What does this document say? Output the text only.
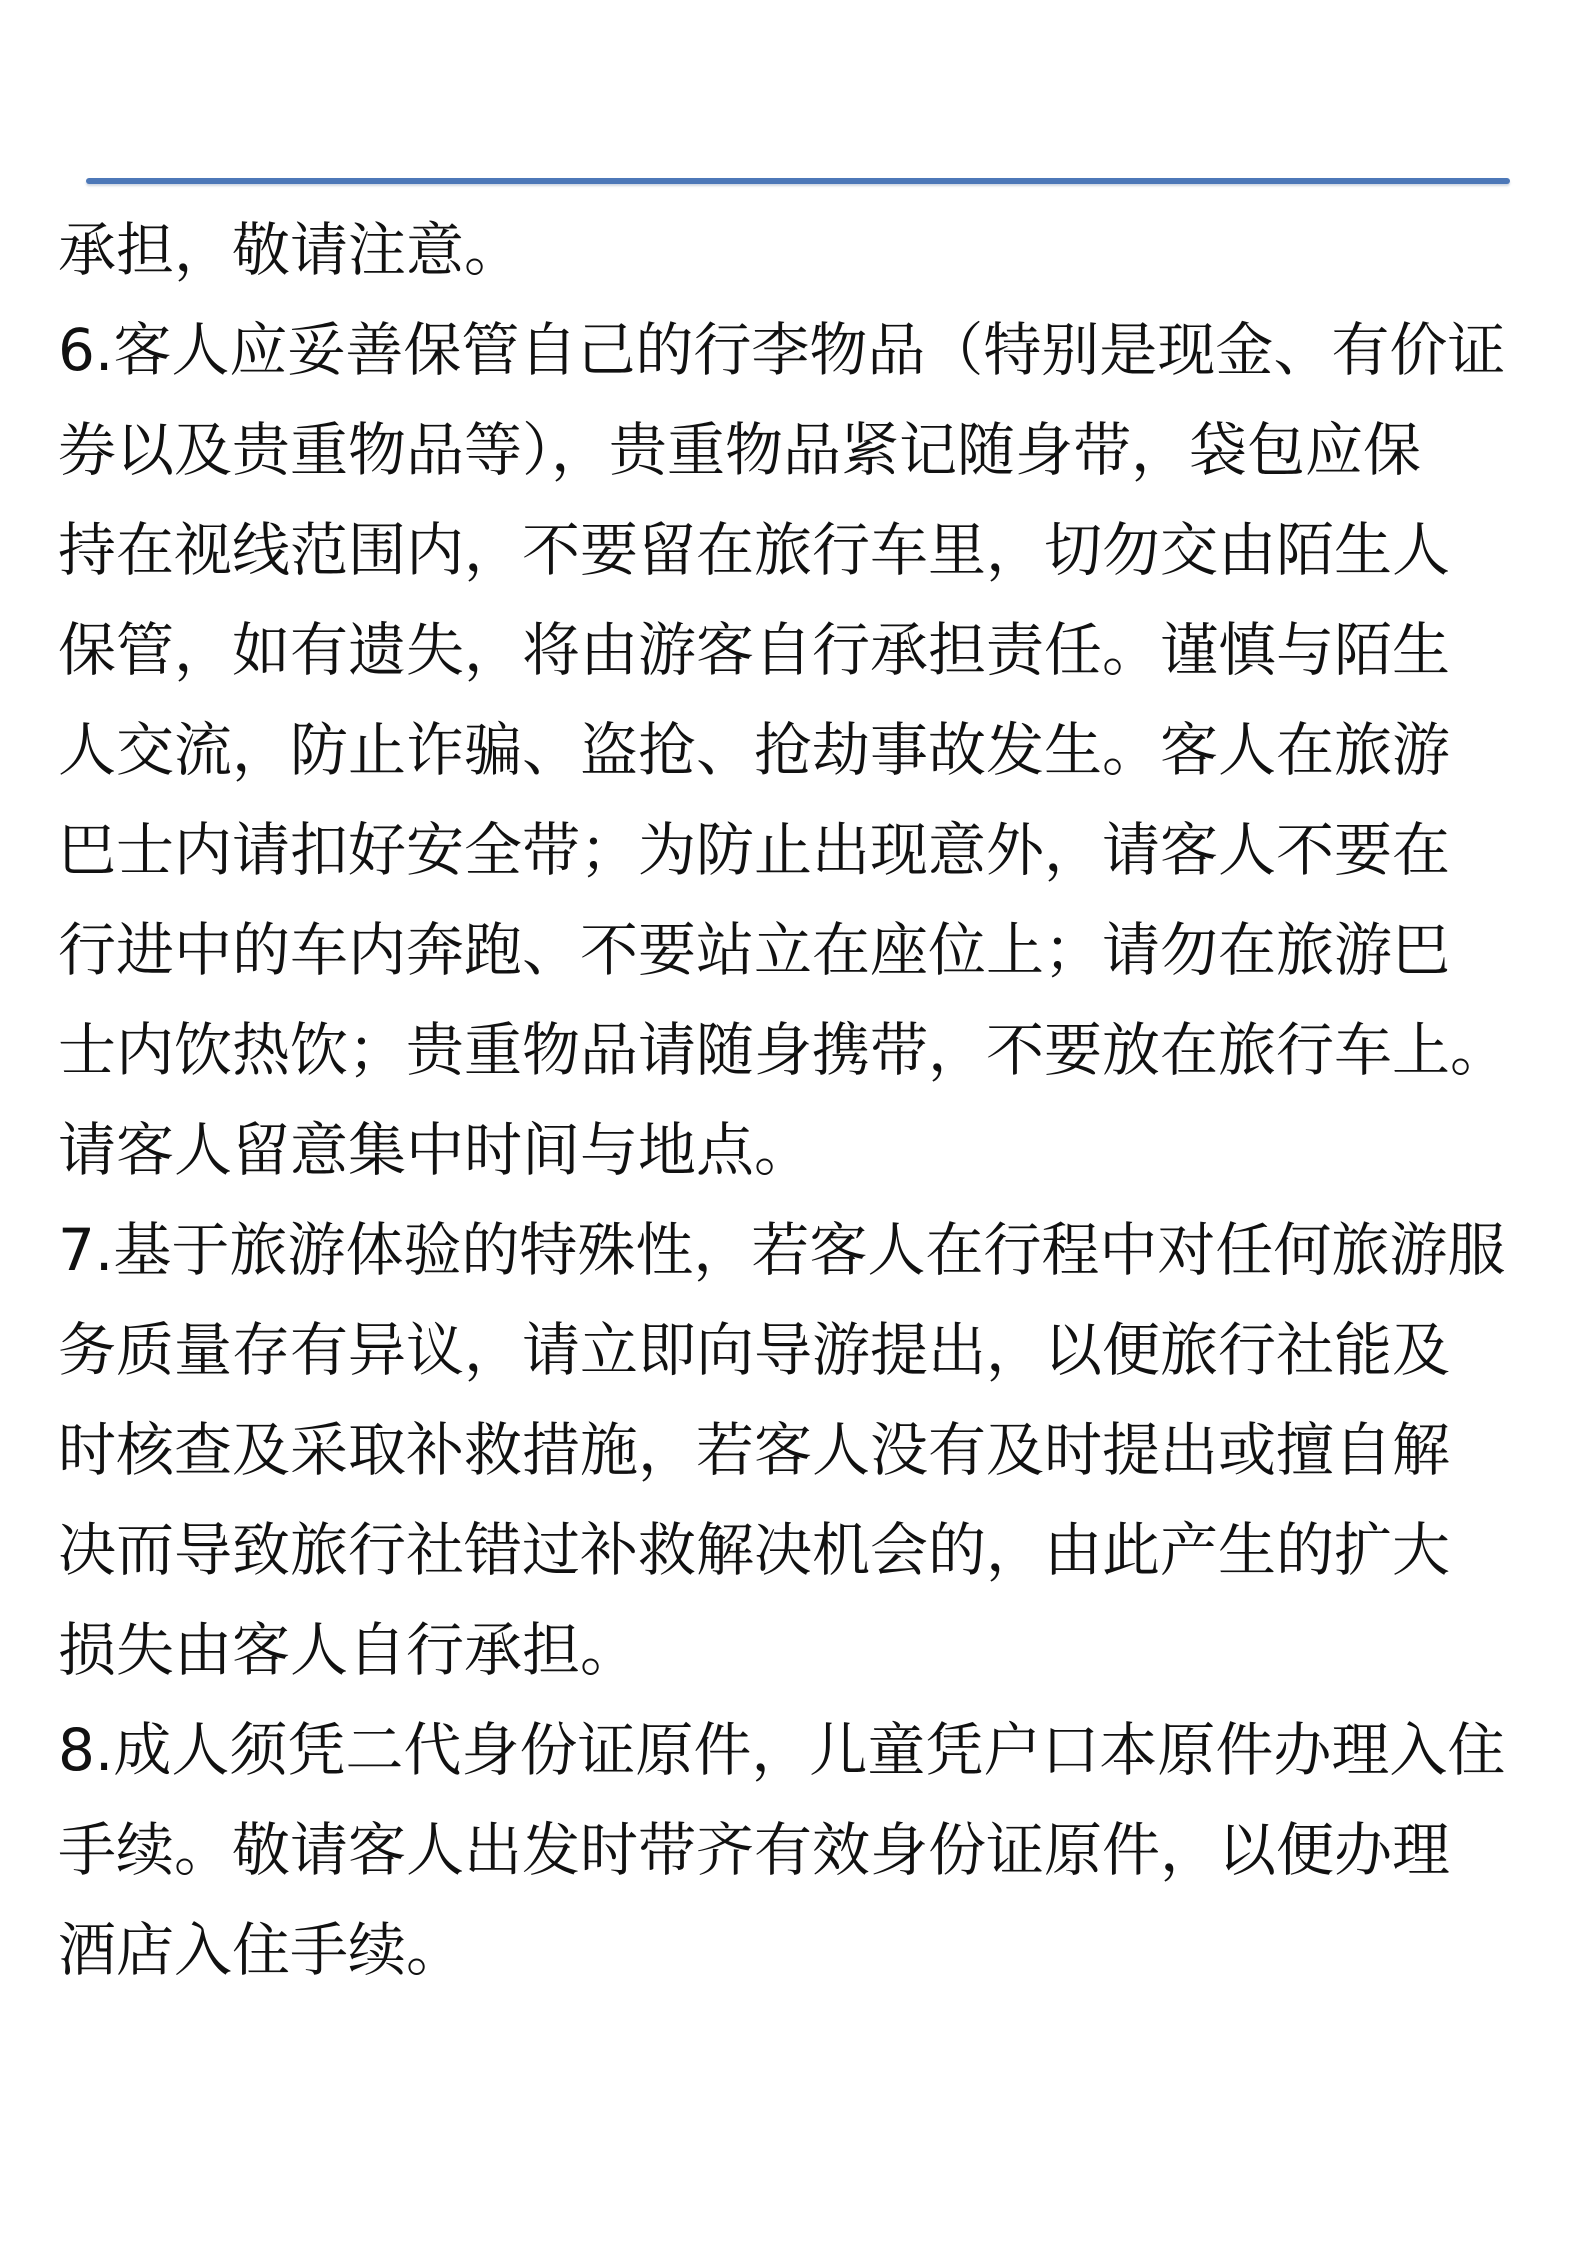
承担，敬请注意。
6.客人应妥善保管自己的行李物品（特别是现金、有价证
券以及贵重物品等），贵重物品紧记随身带，袋包应保
持在视线范围内，不要留在旅行车里，切勿交由陌生人
保管，如有遗失，将由游客自行承担责任。谨慎与陌生
人交流，防止诈骗、盗抢、抢劫事故发生。客人在旅游
巴士内请扣好安全带；为防止出现意外，请客人不要在
行进中的车内奔跑、不要站立在座位上；请勿在旅游巴
士内饮热饮；贵重物品请随身携带，不要放在旅行车上。
请客人留意集中时间与地点。
7.基于旅游体验的特殊性，若客人在行程中对任何旅游服
务质量存有异议，请立即向导游提出，以便旅行社能及
时核查及采取补救措施，若客人没有及时提出或擅自解
决而导致旅行社错过补救解决机会的，由此产生的扩大
损失由客人自行承担。
8.成人须凭二代身份证原件，儿童凭户口本原件办理入住
手续。敬请客人出发时带齐有效身份证原件，以便办理
酒店入住手续。
